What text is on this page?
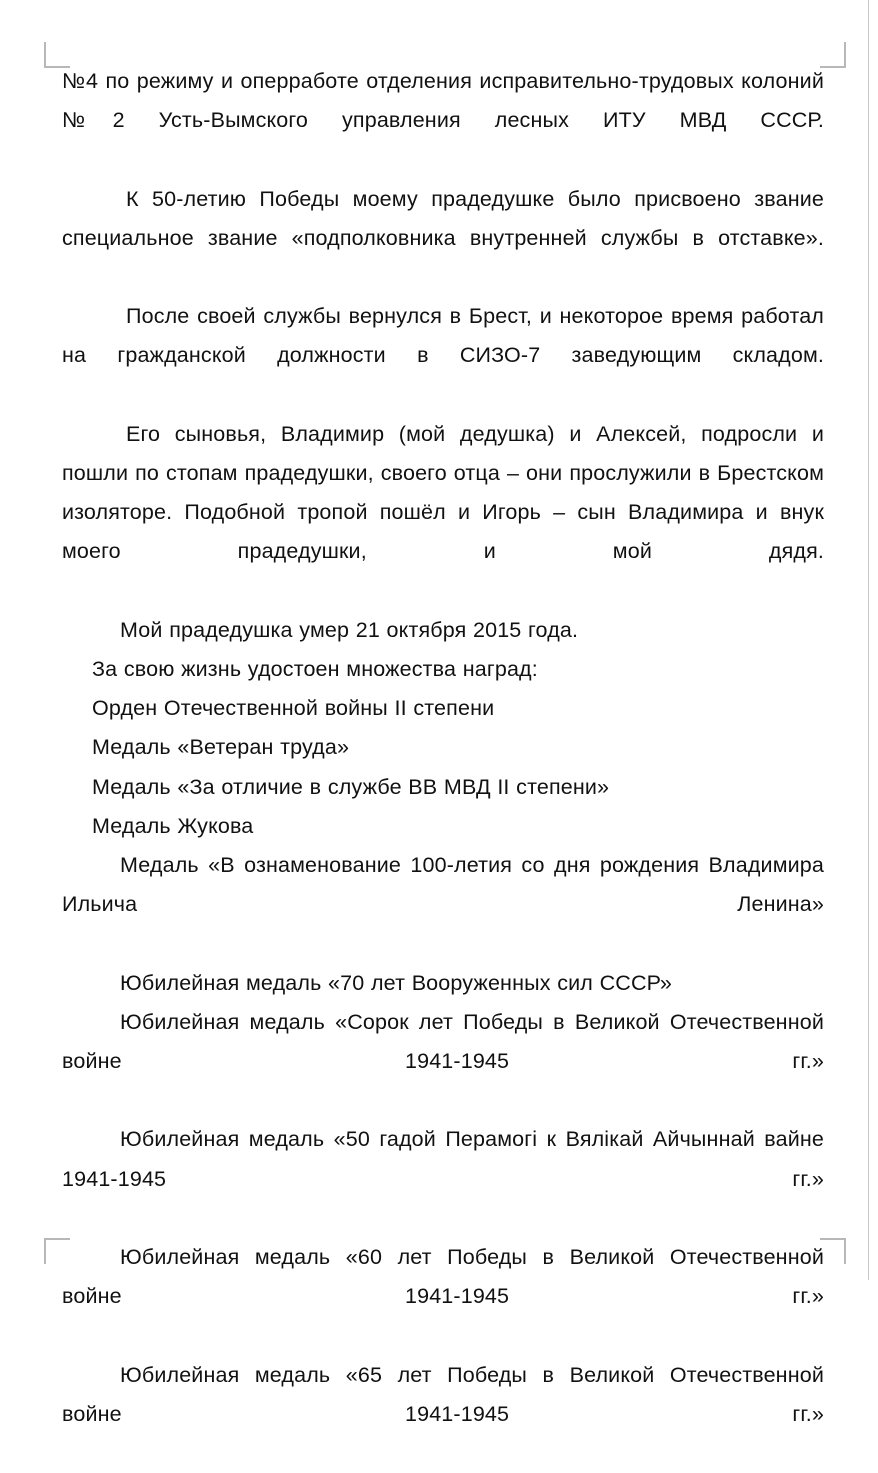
№4 по режиму и оперработе отделения исправительно-трудовых колоний №2 Усть-Вымского управления лесных ИТУ МВД СССР.

К 50-летию Победы моему прадедушке было присвоено звание специальное звание «подполковника внутренней службы в отставке».

После своей службы вернулся в Брест, и некоторое время работал на гражданской должности в СИЗО-7 заведующим складом.

Его сыновья, Владимир (мой дедушка) и Алексей, подросли и пошли по стопам прадедушки, своего отца – они прослужили в Брестском изоляторе. Подобной тропой пошёл и Игорь – сын Владимира и внук моего прадедушки, и мой дядя.

Мой прадедушка умер 21 октября 2015 года.

За свою жизнь удостоен множества наград:

Орден Отечественной войны II степени

Медаль «Ветеран труда»

Медаль «За отличие в службе ВВ МВД II степени»

Медаль Жукова

Медаль «В ознаменование 100-летия со дня рождения Владимира Ильича Ленина»

Юбилейная медаль «70 лет Вооруженных сил СССР»

Юбилейная медаль «Сорок лет Победы в Великой Отечественной войне 1941-1945 гг.»

Юбилейная медаль «50 гадой Перамогі к Вялікай Айчыннай вайне 1941-1945 гг.»

Юбилейная медаль «60 лет Победы в Великой Отечественной войне 1941-1945 гг.»

Юбилейная медаль «65 лет Победы в Великой Отечественной войне 1941-1945 гг.»
